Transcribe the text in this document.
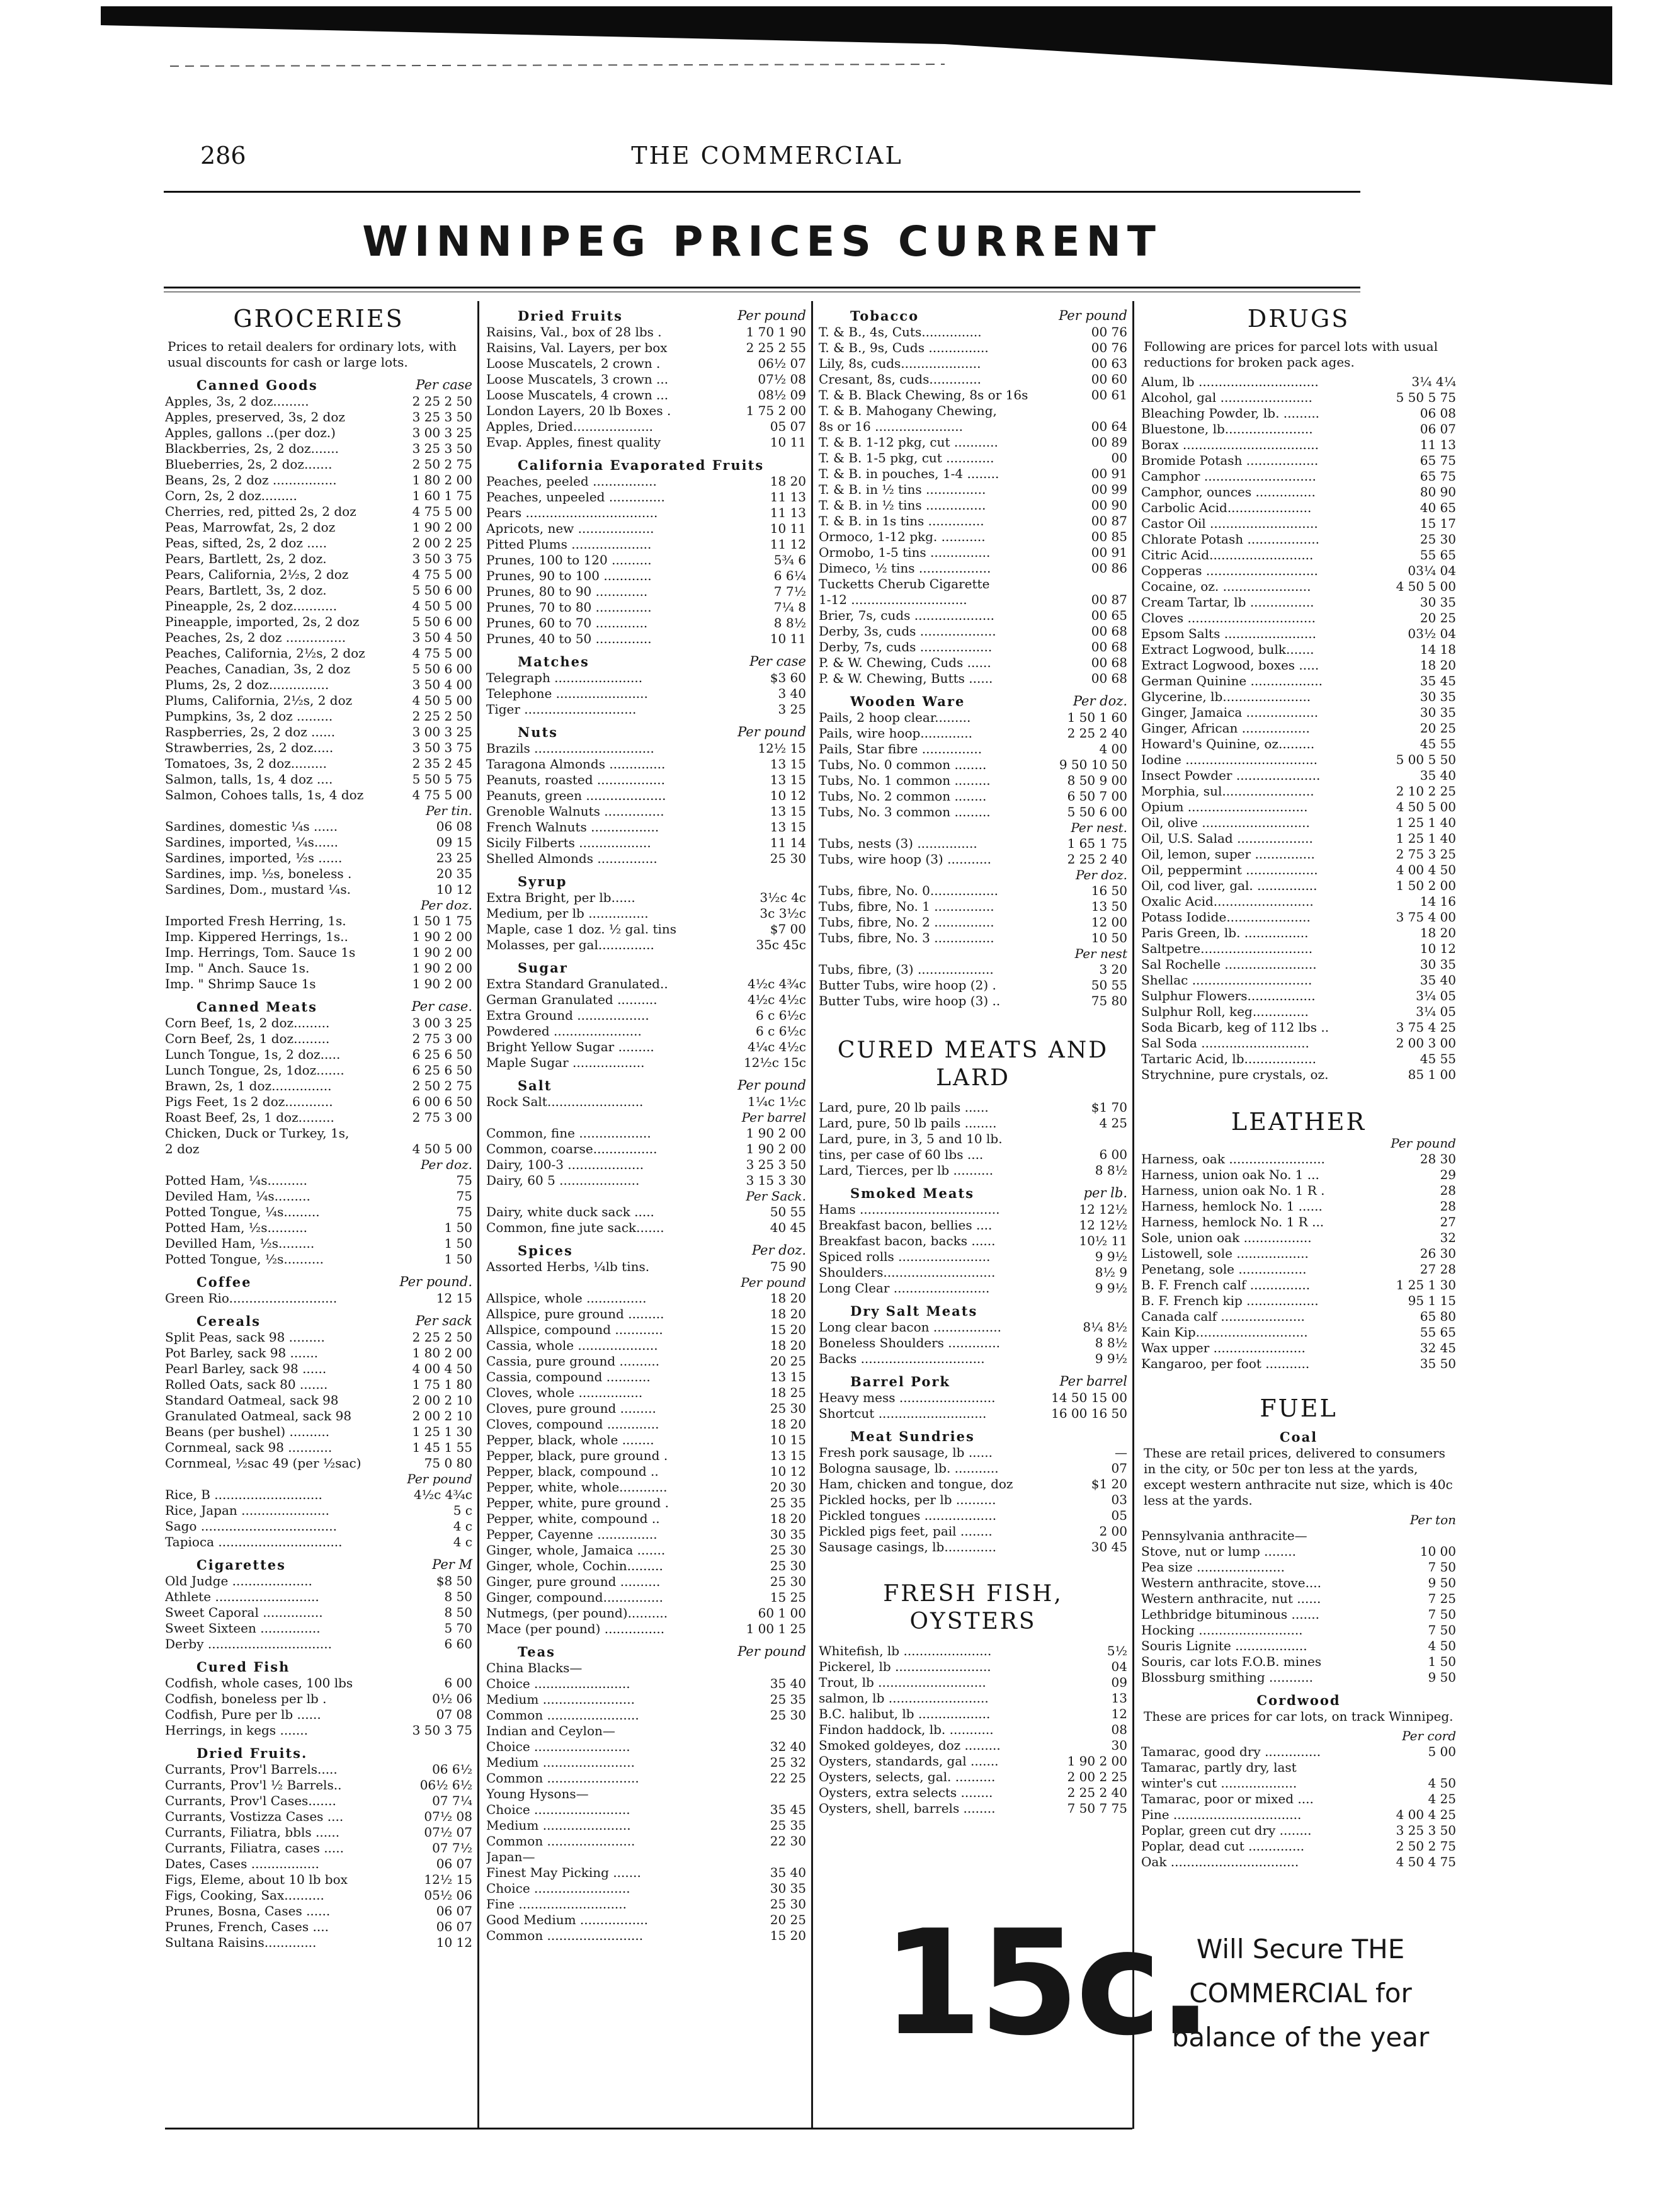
286	THE COMMERCIAL
WINNIPEG PRICES CURRENT
GROCERIES
Prices to retail dealers for ordinary lots, with usual discounts for cash or large lots.
Canned Goods	Per case
Apples, 3s, 2 doz.........	2 25 2 50
Apples, preserved, 3s, 2 doz	3 25 3 50
Apples, gallons ..(per doz.)	3 00 3 25
Blackberries, 2s, 2 doz.......	3 25 3 50
Blueberries, 2s, 2 doz.......	2 50 2 75
Beans, 2s, 2 doz ................	1 80 2 00
Corn, 2s, 2 doz.........	1 60 1 75
Cherries, red, pitted 2s, 2 doz	4 75 5 00
Peas, Marrowfat, 2s, 2 doz	1 90 2 00
Peas, sifted, 2s, 2 doz .....	2 00 2 25
Pears, Bartlett, 2s, 2 doz.	3 50 3 75
Pears, California, 2½s, 2 doz	4 75 5 00
Pears, Bartlett, 3s, 2 doz.	5 50 6 00
Pineapple, 2s, 2 doz...........	4 50 5 00
Pineapple, imported, 2s, 2 doz	5 50 6 00
Peaches, 2s, 2 doz ...............	3 50 4 50
Peaches, California, 2½s, 2 doz	4 75 5 00
Peaches, Canadian, 3s, 2 doz	5 50 6 00
Plums, 2s, 2 doz...............	3 50 4 00
Plums, California, 2½s, 2 doz	4 50 5 00
Pumpkins, 3s, 2 doz .........	2 25 2 50
Raspberries, 2s, 2 doz ......	3 00 3 25
Strawberries, 2s, 2 doz.....	3 50 3 75
Tomatoes, 3s, 2 doz.........	2 35 2 45
Salmon, talls, 1s, 4 doz ....	5 50 5 75
Salmon, Cohoes talls, 1s, 4 doz	4 75 5 00
Per tin.
Sardines, domestic ¼s ......	06 08
Sardines, imported, ¼s......	09 15
Sardines, imported, ½s ......	23 25
Sardines, imp. ½s, boneless .	20 35
Sardines, Dom., mustard ¼s.	10 12
Per doz.
Imported Fresh Herring, 1s.	1 50 1 75
Imp. Kippered Herrings, 1s..	1 90 2 00
Imp. Herrings, Tom. Sauce 1s	1 90 2 00
Imp. " Anch. Sauce 1s.	1 90 2 00
Imp. " Shrimp Sauce 1s	1 90 2 00
Canned Meats	Per case.
Corn Beef, 1s, 2 doz.........	3 00 3 25
Corn Beef, 2s, 1 doz.........	2 75 3 00
Lunch Tongue, 1s, 2 doz.....	6 25 6 50
Lunch Tongue, 2s, 1doz.......	6 25 6 50
Brawn, 2s, 1 doz...............	2 50 2 75
Pigs Feet, 1s 2 doz............	6 00 6 50
Roast Beef, 2s, 1 doz.........	2 75 3 00
Chicken, Duck or Turkey, 1s,
2 doz	4 50 5 00
Per doz.
Potted Ham, ¼s..........	75
Deviled Ham, ¼s.........	75
Potted Tongue, ¼s.........	75
Potted Ham, ½s..........	1 50
Devilled Ham, ½s.........	1 50
Potted Tongue, ½s..........	1 50
Coffee	Per pound.
Green Rio...........................	12 15
Cereals	Per sack
Split Peas, sack 98 .........	2 25 2 50
Pot Barley, sack 98 .......	1 80 2 00
Pearl Barley, sack 98 ......	4 00 4 50
Rolled Oats, sack 80 .......	1 75 1 80
Standard Oatmeal, sack 98	2 00 2 10
Granulated Oatmeal, sack 98	2 00 2 10
Beans (per bushel) ..........	1 25 1 30
Cornmeal, sack 98 ...........	1 45 1 55
Cornmeal, ½sac 49 (per ½sac)	75 0 80
Per pound
Rice, B ...........................	4½c 4¾c
Rice, Japan ......................	5 c
Sago ..................................	4 c
Tapioca ...............................	4 c
Cigarettes	Per M
Old Judge ....................	$8 50
Athlete ..........................	8 50
Sweet Caporal ...............	8 50
Sweet Sixteen ...............	5 70
Derby ...............................	6 60
Cured Fish
Codfish, whole cases, 100 lbs	6 00
Codfish, boneless per lb .	0½ 06
Codfish, Pure per lb ......	07 08
Herrings, in kegs .......	3 50 3 75
Dried Fruits.
Currants, Prov'l Barrels.....	06 6½
Currants, Prov'l ½ Barrels..	06½ 6½
Currants, Prov'l Cases.......	07 7¼
Currants, Vostizza Cases ....	07½ 08
Currants, Filiatra, bbls ......	07½ 07
Currants, Filiatra, cases .....	07 7½
Dates, Cases .................	06 07
Figs, Eleme, about 10 lb box	12½ 15
Figs, Cooking, Sax..........	05½ 06
Prunes, Bosna, Cases ......	06 07
Prunes, French, Cases ....	06 07
Sultana Raisins.............	10 12
Dried Fruits	Per pound
Raisins, Val., box of 28 lbs .	1 70 1 90
Raisins, Val. Layers, per box	2 25 2 55
Loose Muscatels, 2 crown .	06½ 07
Loose Muscatels, 3 crown ...	07½ 08
Loose Muscatels, 4 crown ...	08½ 09
London Layers, 20 lb Boxes .	1 75 2 00
Apples, Dried....................	05 07
Evap. Apples, finest quality	10 11
California Evaporated Fruits
Peaches, peeled ................	18 20
Peaches, unpeeled ..............	11 13
Pears .................................	11 13
Apricots, new ...................	10 11
Pitted Plums ....................	11 12
Prunes, 100 to 120 ..........	5¾ 6
Prunes, 90 to 100 ............	6 6¼
Prunes, 80 to 90 .............	7 7½
Prunes, 70 to 80 ..............	7¼ 8
Prunes, 60 to 70 .............	8 8½
Prunes, 40 to 50 ..............	10 11
Matches	Per case
Telegraph ......................	$3 60
Telephone .......................	3 40
Tiger ............................	3 25
Nuts	Per pound
Brazils ..............................	12½ 15
Taragona Almonds ..............	13 15
Peanuts, roasted .................	13 15
Peanuts, green ....................	10 12
Grenoble Walnuts ...............	13 15
French Walnuts .................	13 15
Sicily Filberts ..................	11 14
Shelled Almonds ...............	25 30
Syrup
Extra Bright, per lb......	3½c 4c
Medium, per lb ...............	3c 3½c
Maple, case 1 doz. ½ gal. tins	$7 00
Molasses, per gal..............	35c 45c
Sugar
Extra Standard Granulated..	4½c 4¾c
German Granulated ..........	4½c 4½c
Extra Ground ..................	6 c 6½c
Powdered ......................	6 c 6½c
Bright Yellow Sugar .........	4¼c 4½c
Maple Sugar ..................	12½c 15c
Salt	Per pound
Rock Salt........................	1¼c 1½c
Per barrel
Common, fine ..................	1 90 2 00
Common, coarse................	1 90 2 00
Dairy, 100-3 ...................	3 25 3 50
Dairy, 60 5 ....................	3 15 3 30
Per Sack.
Dairy, white duck sack .....	50 55
Common, fine jute sack.......	40 45
Spices	Per doz.
Assorted Herbs, ¼lb tins.	75 90
Per pound
Allspice, whole ...............	18 20
Allspice, pure ground .........	18 20
Allspice, compound ............	15 20
Cassia, whole ....................	18 20
Cassia, pure ground ..........	20 25
Cassia, compound ...........	13 15
Cloves, whole ................	18 25
Cloves, pure ground .........	25 30
Cloves, compound .............	18 20
Pepper, black, whole ........	10 15
Pepper, black, pure ground .	13 15
Pepper, black, compound ..	10 12
Pepper, white, whole............	20 30
Pepper, white, pure ground .	25 35
Pepper, white, compound ..	18 20
Pepper, Cayenne ...............	30 35
Ginger, whole, Jamaica .......	25 30
Ginger, whole, Cochin.........	25 30
Ginger, pure ground ..........	25 30
Ginger, compound...............	15 25
Nutmegs, (per pound)..........	60 1 00
Mace (per pound) ...............	1 00 1 25
Teas	Per pound
China Blacks—
Choice ........................	35 40
Medium .......................	25 35
Common .......................	25 30
Indian and Ceylon—
Choice ........................	32 40
Medium .......................	25 32
Common .......................	22 25
Young Hysons—
Choice ........................	35 45
Medium ......................	25 35
Common ......................	22 30
Japan—
Finest May Picking .......	35 40
Choice ........................	30 35
Fine ...........................	25 30
Good Medium .................	20 25
Common ........................	15 20
Tobacco	Per pound
T. & B., 4s, Cuts...............	00 76
T. & B., 9s, Cuds ...............	00 76
Lily, 8s, cuds....................	00 63
Cresant, 8s, cuds.............	00 60
T. & B. Black Chewing, 8s or 16s	00 61
T. & B. Mahogany Chewing,
8s or 16 ......................	00 64
T. & B. 1-12 pkg, cut ...........	00 89
T. & B. 1-5 pkg, cut ............	00
T. & B. in pouches, 1-4 ........	00 91
T. & B. in ½ tins ...............	00 99
T. & B. in ½ tins ...............	00 90
T. & B. in 1s tins ..............	00 87
Ormoco, 1-12 pkg. ...........	00 85
Ormobo, 1-5 tins ...............	00 91
Dimeco, ½ tins ..................	00 86
Tucketts Cherub Cigarette
1-12 .............................	00 87
Brier, 7s, cuds ....................	00 65
Derby, 3s, cuds ...................	00 68
Derby, 7s, cuds ..................	00 68
P. & W. Chewing, Cuds ......	00 68
P. & W. Chewing, Butts ......	00 68
Wooden Ware	Per doz.
Pails, 2 hoop clear.........	1 50 1 60
Pails, wire hoop.............	2 25 2 40
Pails, Star fibre ...............	4 00
Tubs, No. 0 common ........	9 50 10 50
Tubs, No. 1 common .........	8 50 9 00
Tubs, No. 2 common ........	6 50 7 00
Tubs, No. 3 common .........	5 50 6 00
Per nest.
Tubs, nests (3) ...............	1 65 1 75
Tubs, wire hoop (3) ...........	2 25 2 40
Per doz.
Tubs, fibre, No. 0.................	16 50
Tubs, fibre, No. 1 ...............	13 50
Tubs, fibre, No. 2 ...............	12 00
Tubs, fibre, No. 3 ...............	10 50
Per nest
Tubs, fibre, (3) ...................	3 20
Butter Tubs, wire hoop (2) .	50 55
Butter Tubs, wire hoop (3) ..	75 80
CURED MEATS AND
LARD
Lard, pure, 20 lb pails ......	$1 70
Lard, pure, 50 lb pails ........	4 25
Lard, pure, in 3, 5 and 10 lb.
tins, per case of 60 lbs ....	6 00
Lard, Tierces, per lb ..........	8 8½
Smoked Meats	per lb.
Hams ...................................	12 12½
Breakfast bacon, bellies ....	12 12½
Breakfast bacon, backs ......	10½ 11
Spiced rolls .......................	9 9½
Shoulders............................	8½ 9
Long Clear ........................	9 9½
Dry Salt Meats
Long clear bacon .................	8¼ 8½
Boneless Shoulders .............	8 8½
Backs ...............................	9 9½
Barrel Pork	Per barrel
Heavy mess ........................	14 50 15 00
Shortcut ...........................	16 00 16 50
Meat Sundries
Fresh pork sausage, lb ......	—
Bologna sausage, lb. ...........	07
Ham, chicken and tongue, doz	$1 20
Pickled hocks, per lb ..........	03
Pickled tongues ..................	05
Pickled pigs feet, pail ........	2 00
Sausage casings, lb.............	30 45
FRESH FISH,
OYSTERS
Whitefish, lb ......................	5½
Pickerel, lb ........................	04
Trout, lb ...........................	09
salmon, lb .........................	13
B.C. halibut, lb ..................	12
Findon haddock, lb. ...........	08
Smoked goldeyes, doz .........	30
Oysters, standards, gal .......	1 90 2 00
Oysters, selects, gal. ..........	2 00 2 25
Oysters, extra selects ........	2 25 2 40
Oysters, shell, barrels ........	7 50 7 75
DRUGS
Following are prices for parcel lots with usual reductions for broken pack ages.
Alum, lb ..............................	3¼ 4¼
Alcohol, gal .......................	5 50 5 75
Bleaching Powder, lb. .........	06 08
Bluestone, lb......................	06 07
Borax ..................................	11 13
Bromide Potash ..................	65 75
Camphor ............................	65 75
Camphor, ounces ...............	80 90
Carbolic Acid.....................	40 65
Castor Oil ...........................	15 17
Chlorate Potash ..................	25 30
Citric Acid..........................	55 65
Copperas ............................	03¼ 04
Cocaine, oz. ......................	4 50 5 00
Cream Tartar, lb ................	30 35
Cloves ................................	20 25
Epsom Salts .......................	03½ 04
Extract Logwood, bulk.......	14 18
Extract Logwood, boxes .....	18 20
German Quinine ..................	35 45
Glycerine, lb......................	30 35
Ginger, Jamaica ..................	30 35
Ginger, African .................	20 25
Howard's Quinine, oz.........	45 55
Iodine .................................	5 00 5 50
Insect Powder .....................	35 40
Morphia, sul.......................	2 10 2 25
Opium ..............................	4 50 5 00
Oil, olive ...........................	1 25 1 40
Oil, U.S. Salad ...................	1 25 1 40
Oil, lemon, super ...............	2 75 3 25
Oil, peppermint ..................	4 00 4 50
Oil, cod liver, gal. ...............	1 50 2 00
Oxalic Acid.........................	14 16
Potass Iodide.....................	3 75 4 00
Paris Green, lb. ................	18 20
Saltpetre............................	10 12
Sal Rochelle .......................	30 35
Shellac ..............................	35 40
Sulphur Flowers.................	3¼ 05
Sulphur Roll, keg..............	3¼ 05
Soda Bicarb, keg of 112 lbs ..	3 75 4 25
Sal Soda ...........................	2 00 3 00
Tartaric Acid, lb..................	45 55
Strychnine, pure crystals, oz.	85 1 00
LEATHER
Per pound
Harness, oak ........................	28 30
Harness, union oak No. 1 ...	29
Harness, union oak No. 1 R .	28
Harness, hemlock No. 1 ......	28
Harness, hemlock No. 1 R ...	27
Sole, union oak .................	32
Listowell, sole ..................	26 30
Penetang, sole .................	27 28
B. F. French calf ...............	1 25 1 30
B. F. French kip ..................	95 1 15
Canada calf .....................	65 80
Kain Kip............................	55 65
Wax upper .......................	32 45
Kangaroo, per foot ...........	35 50
FUEL
Coal
These are retail prices, delivered to consumers in the city, or 50c per ton less at the yards, except western anthracite nut size, which is 40c less at the yards.
Per ton
Pennsylvania anthracite—
Stove, nut or lump ........	10 00
Pea size ......................	7 50
Western anthracite, stove....	9 50
Western anthracite, nut ......	7 25
Lethbridge bituminous .......	7 50
Hocking ..........................	7 50
Souris Lignite ..................	4 50
Souris, car lots F.O.B. mines	1 50
Blossburg smithing ...........	9 50
Cordwood
These are prices for car lots, on track Winnipeg.
Per cord
Tamarac, good dry ..............	5 00
Tamarac, partly dry, last
winter's cut ...................	4 50
Tamarac, poor or mixed ....	4 25
Pine ................................	4 00 4 25
Poplar, green cut dry ........	3 25 3 50
Poplar, dead cut ..............	2 50 2 75
Oak ................................	4 50 4 75
15c.
Will Secure THE
COMMERCIAL for
balance of the year
